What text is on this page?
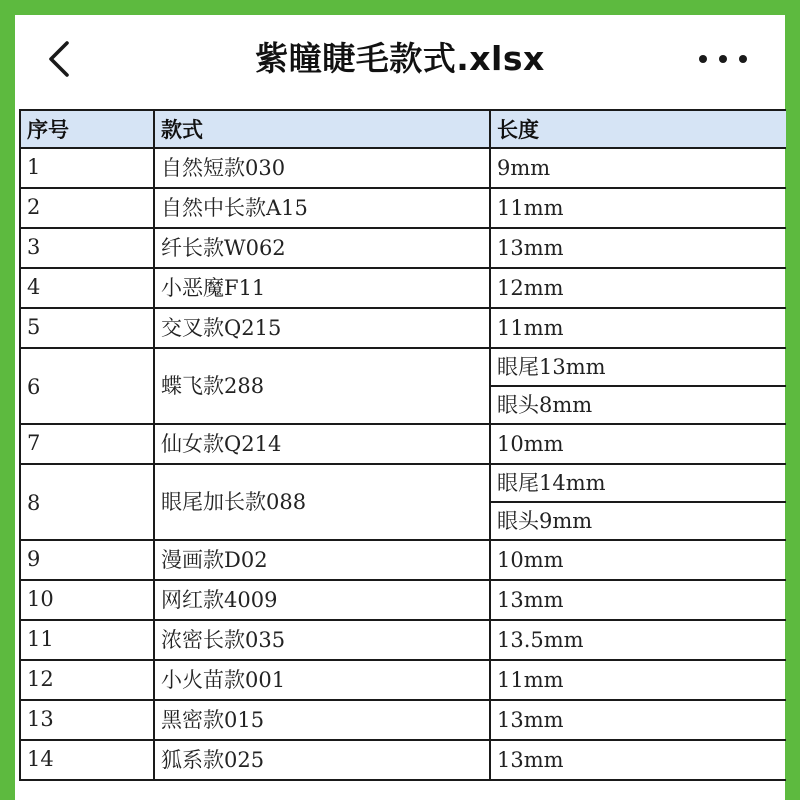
紫瞳睫毛款式.xlsx
序号	款式	长度
1	自然短款030	9mm
2	自然中长款A15	11mm
3	纤长款W062	13mm
4	小恶魔F11	12mm
5	交叉款Q215	11mm
6	蝶飞款288	眼尾13mm
		眼头8mm
7	仙女款Q214	10mm
8	眼尾加长款088	眼尾14mm
		眼头9mm
9	漫画款D02	10mm
10	网红款4009	13mm
11	浓密长款035	13.5mm
12	小火苗款001	11mm
13	黑密款015	13mm
14	狐系款025	13mm
